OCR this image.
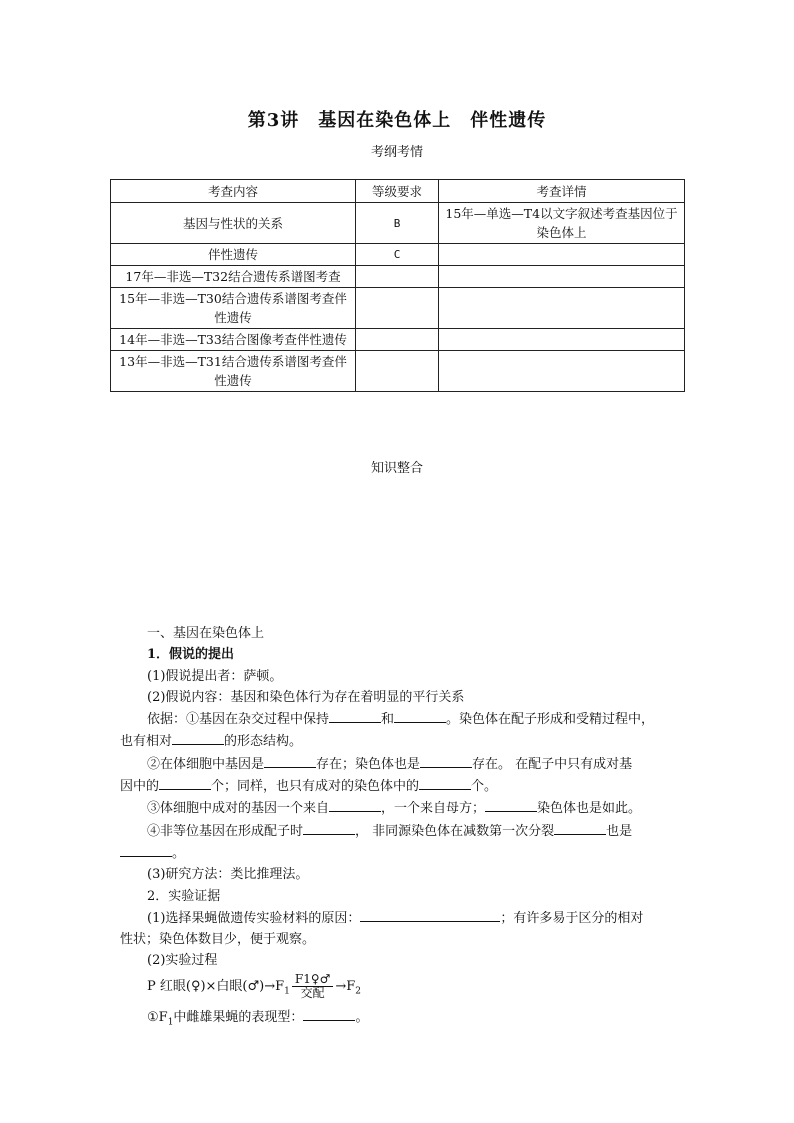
第3讲　基因在染色体上　伴性遗传
考纲考情
考查内容	等级要求	考查详情
基因与性状的关系	B	15年—单选—T4以文字叙述考查基因位于染色体上
伴性遗传	C	
17年—非选—T32结合遗传系谱图考查		
15年—非选—T30结合遗传系谱图考查伴性遗传		
14年—非选—T33结合图像考查伴性遗传		
13年—非选—T31结合遗传系谱图考查伴性遗传		
知识整合

一、基因在染色体上

1．假说的提出

(1)假说提出者：萨顿。

(2)假说内容：基因和染色体行为存在着明显的平行关系

依据：①基因在杂交过程中保持	和	。染色体在配子形成和受精过程中，

也有相对	的形态结构。

②在体细胞中基因是	存在；染色体也是	存在。 在配子中只有成对基

因中的	个；同样，也只有成对的染色体中的	个。

③体细胞中成对的基因一个来自	，一个来自母方；	染色体也是如此。

④非等位基因在形成配子时	， 非同源染色体在减数第一次分裂	也是

。

(3)研究方法：类比推理法。

2．实验证据

(1)选择果蝇做遗传实验材料的原因：	；有许多易于区分的相对

性状；染色体数目少，便于观察。

(2)实验过程

P 红眼(♀)×白眼$(♂)\to F_1 \frac{F1♀♂}{\text{交配}} \to F_2$

$①F_1$中雌雄果蝇的表现型：	。
